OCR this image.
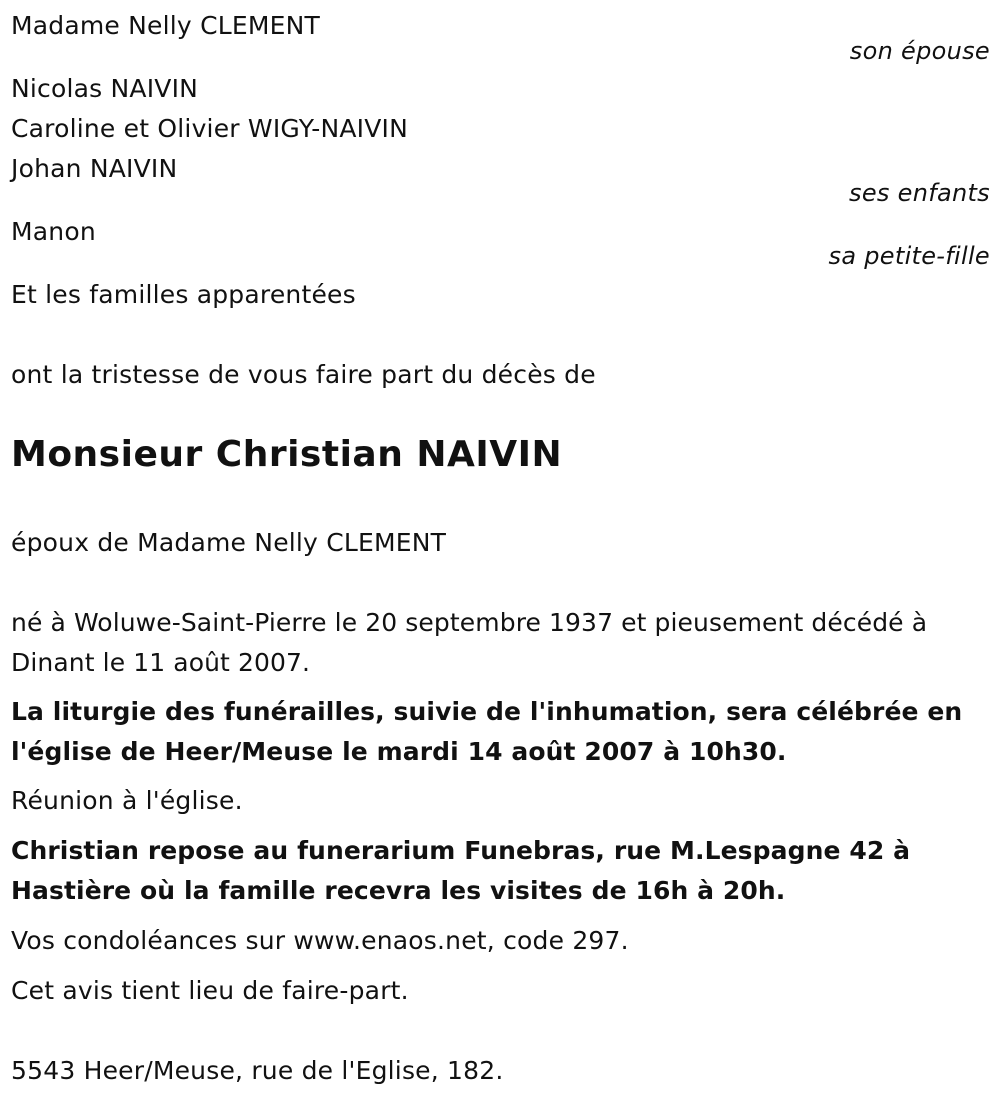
Madame Nelly CLEMENT
son épouse
Nicolas NAIVIN
Caroline et Olivier WIGY-NAIVIN
Johan NAIVIN
ses enfants
Manon
sa petite-fille
Et les familles apparentées
ont la tristesse de vous faire part du décès de
Monsieur Christian NAIVIN
époux de Madame Nelly CLEMENT
né à Woluwe-Saint-Pierre le 20 septembre 1937 et pieusement décédé à Dinant le 11 août 2007.
La liturgie des funérailles, suivie de l'inhumation, sera célébrée en l'église de Heer/Meuse le mardi 14 août 2007 à 10h30.
Réunion à l'église.
Christian repose au funerarium Funebras, rue M.Lespagne 42 à Hastière où la famille recevra les visites de 16h à 20h.
Vos condoléances sur www.enaos.net, code 297.
Cet avis tient lieu de faire-part.
5543 Heer/Meuse, rue de l'Eglise, 182.
